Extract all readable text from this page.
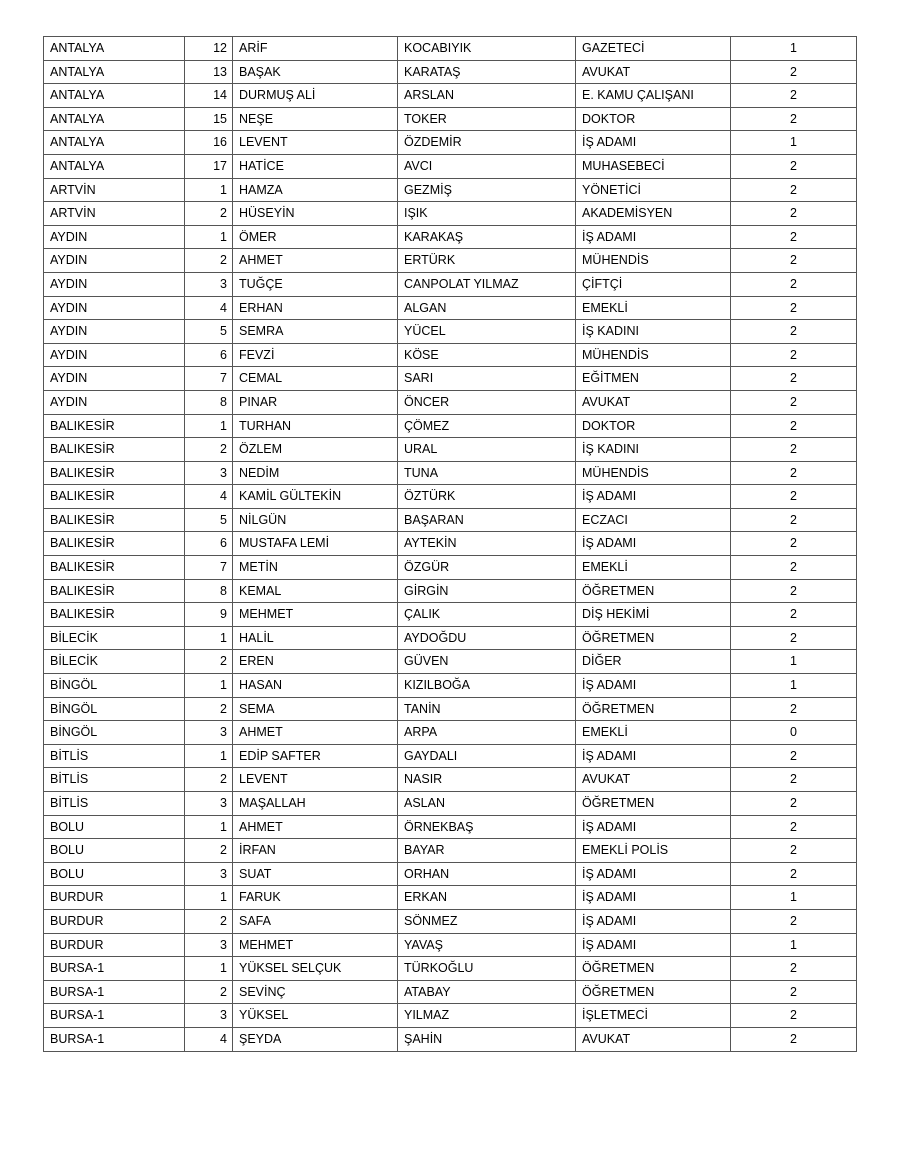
ANTALYA	12	ARİF	KOCABIYIK	GAZETECİ	1
ANTALYA	13	BAŞAK	KARATAŞ	AVUKAT	2
ANTALYA	14	DURMUŞ ALİ	ARSLAN	E. KAMU ÇALIŞANI	2
ANTALYA	15	NEŞE	TOKER	DOKTOR	2
ANTALYA	16	LEVENT	ÖZDEMİR	İŞ ADAMI	1
ANTALYA	17	HATİCE	AVCI	MUHASEBECİ	2
ARTVİN	1	HAMZA	GEZMİŞ	YÖNETİCİ	2
ARTVİN	2	HÜSEYİN	IŞIK	AKADEMİSYEN	2
AYDIN	1	ÖMER	KARAKAŞ	İŞ ADAMI	2
AYDIN	2	AHMET	ERTÜRK	MÜHENDİS	2
AYDIN	3	TUĞÇE	CANPOLAT YILMAZ	ÇİFTÇİ	2
AYDIN	4	ERHAN	ALGAN	EMEKLİ	2
AYDIN	5	SEMRA	YÜCEL	İŞ KADINI	2
AYDIN	6	FEVZİ	KÖSE	MÜHENDİS	2
AYDIN	7	CEMAL	SARI	EĞİTMEN	2
AYDIN	8	PINAR	ÖNCER	AVUKAT	2
BALIKESİR	1	TURHAN	ÇÖMEZ	DOKTOR	2
BALIKESİR	2	ÖZLEM	URAL	İŞ KADINI	2
BALIKESİR	3	NEDİM	TUNA	MÜHENDİS	2
BALIKESİR	4	KAMİL GÜLTEKİN	ÖZTÜRK	İŞ ADAMI	2
BALIKESİR	5	NİLGÜN	BAŞARAN	ECZACI	2
BALIKESİR	6	MUSTAFA LEMİ	AYTEKİN	İŞ ADAMI	2
BALIKESİR	7	METİN	ÖZGÜR	EMEKLİ	2
BALIKESİR	8	KEMAL	GİRGİN	ÖĞRETMEN	2
BALIKESİR	9	MEHMET	ÇALIK	DİŞ HEKİMİ	2
BİLECİK	1	HALİL	AYDOĞDU	ÖĞRETMEN	2
BİLECİK	2	EREN	GÜVEN	DİĞER	1
BİNGÖL	1	HASAN	KIZILBOĞA	İŞ ADAMI	1
BİNGÖL	2	SEMA	TANİN	ÖĞRETMEN	2
BİNGÖL	3	AHMET	ARPA	EMEKLİ	0
BİTLİS	1	EDİP SAFTER	GAYDALI	İŞ ADAMI	2
BİTLİS	2	LEVENT	NASIR	AVUKAT	2
BİTLİS	3	MAŞALLAH	ASLAN	ÖĞRETMEN	2
BOLU	1	AHMET	ÖRNEKBAŞ	İŞ ADAMI	2
BOLU	2	İRFAN	BAYAR	EMEKLİ POLİS	2
BOLU	3	SUAT	ORHAN	İŞ ADAMI	2
BURDUR	1	FARUK	ERKAN	İŞ ADAMI	1
BURDUR	2	SAFA	SÖNMEZ	İŞ ADAMI	2
BURDUR	3	MEHMET	YAVAŞ	İŞ ADAMI	1
BURSA-1	1	YÜKSEL SELÇUK	TÜRKOĞLU	ÖĞRETMEN	2
BURSA-1	2	SEVİNÇ	ATABAY	ÖĞRETMEN	2
BURSA-1	3	YÜKSEL	YILMAZ	İŞLETMECİ	2
BURSA-1	4	ŞEYDA	ŞAHİN	AVUKAT	2
